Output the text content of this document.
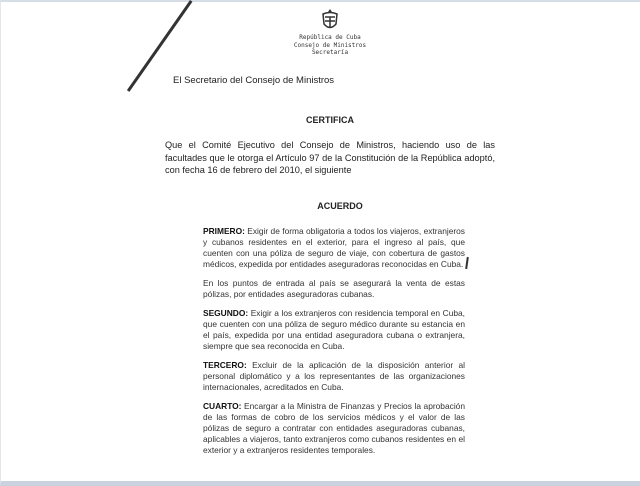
República de Cuba
Consejo de Ministros
Secretaría
El Secretario del Consejo de Ministros
CERTIFICA
Que el Comité Ejecutivo del Consejo de Ministros, haciendo uso de las facultades que le otorga el Artículo 97 de la Constitución de la República adoptó, con fecha 16 de febrero del 2010, el siguiente
ACUERDO
PRIMERO: Exigir de forma obligatoria a todos los viajeros, extranjeros y cubanos residentes en el exterior, para el ingreso al país, que cuenten con una póliza de seguro de viaje, con cobertura de gastos médicos, expedida por entidades aseguradoras reconocidas en Cuba.
En los puntos de entrada al país se asegurará la venta de estas pólizas, por entidades aseguradoras cubanas.
SEGUNDO: Exigir a los extranjeros con residencia temporal en Cuba, que cuenten con una póliza de seguro médico durante su estancia en el país, expedida por una entidad aseguradora cubana o extranjera, siempre que sea reconocida en Cuba.
TERCERO: Excluir de la aplicación de la disposición anterior al personal diplomático y a los representantes de las organizaciones internacionales, acreditados en Cuba.
CUARTO: Encargar a la Ministra de Finanzas y Precios la aprobación de las formas de cobro de los servicios médicos y el valor de las pólizas de seguro a contratar con entidades aseguradoras cubanas, aplicables a viajeros, tanto extranjeros como cubanos residentes en el exterior y a extranjeros residentes temporales.
